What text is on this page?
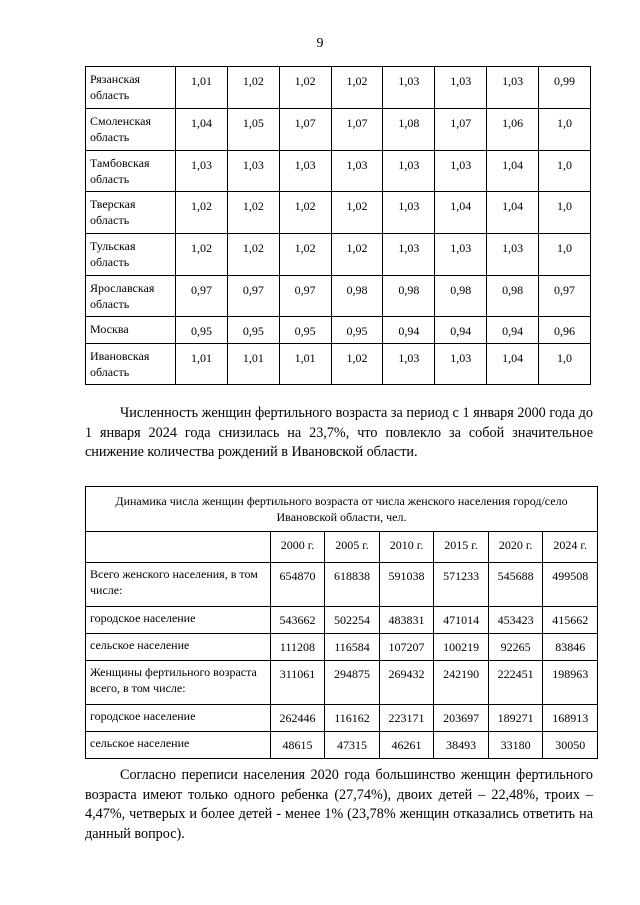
9
Рязанская область	1,01	1,02	1,02	1,02	1,03	1,03	1,03	0,99
Смоленская область	1,04	1,05	1,07	1,07	1,08	1,07	1,06	1,0
Тамбовская область	1,03	1,03	1,03	1,03	1,03	1,03	1,04	1,0
Тверская область	1,02	1,02	1,02	1,02	1,03	1,04	1,04	1,0
Тульская область	1,02	1,02	1,02	1,02	1,03	1,03	1,03	1,0
Ярославская область	0,97	0,97	0,97	0,98	0,98	0,98	0,98	0,97
Москва	0,95	0,95	0,95	0,95	0,94	0,94	0,94	0,96
Ивановская область	1,01	1,01	1,01	1,02	1,03	1,03	1,04	1,0
Численность женщин фертильного возраста за период с 1 января 2000 года до 1 января 2024 года снизилась на 23,7%, что повлекло за собой значительное снижение количества рождений в Ивановской области.
Динамика числа женщин фертильного возраста от числа женского населения город/село Ивановской области, чел.						
	2000 г.	2005 г.	2010 г.	2015 г.	2020 г.	2024 г.
Всего женского населения, в том числе:	654870	618838	591038	571233	545688	499508
городское население	543662	502254	483831	471014	453423	415662
сельское население	111208	116584	107207	100219	92265	83846
Женщины фертильного возраста всего, в том числе:	311061	294875	269432	242190	222451	198963
городское население	262446	116162	223171	203697	189271	168913
сельское население	48615	47315	46261	38493	33180	30050
Согласно переписи населения 2020 года большинство женщин фертильного возраста имеют только одного ребенка (27,74%), двоих детей – 22,48%, троих – 4,47%, четверых и более детей - менее 1% (23,78% женщин отказались ответить на данный вопрос).
